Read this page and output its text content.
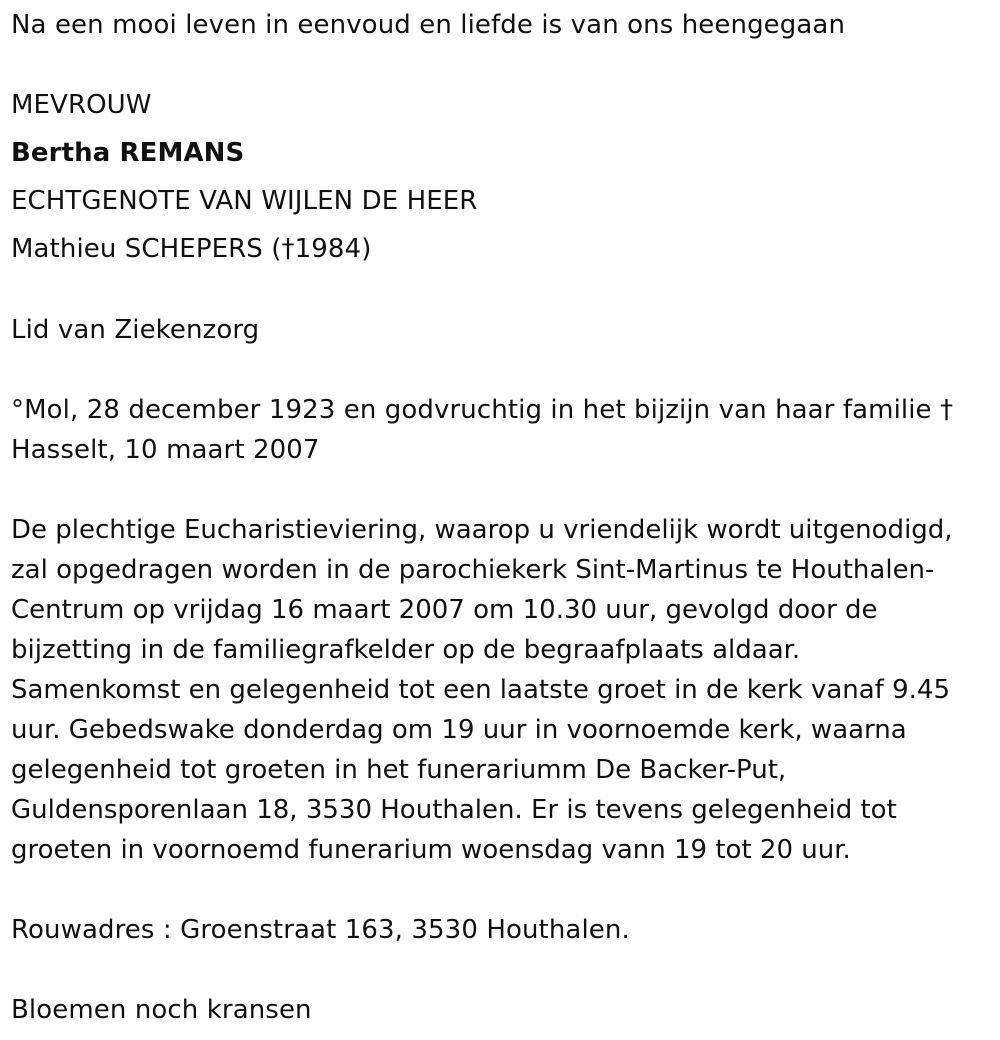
Na een mooi leven in eenvoud en liefde is van ons heengegaan
MEVROUW
Bertha REMANS
ECHTGENOTE VAN WIJLEN DE HEER
Mathieu SCHEPERS (†1984)
Lid van Ziekenzorg
°Mol, 28 december 1923 en godvruchtig in het bijzijn van haar familie †
Hasselt, 10 maart 2007
De plechtige Eucharistieviering, waarop u vriendelijk wordt uitgenodigd,
zal opgedragen worden in de parochiekerk Sint-Martinus te Houthalen-
Centrum op vrijdag 16 maart 2007 om 10.30 uur, gevolgd door de
bijzetting in de familiegrafkelder op de begraafplaats aldaar.
Samenkomst en gelegenheid tot een laatste groet in de kerk vanaf 9.45
uur. Gebedswake donderdag om 19 uur in voornoemde kerk, waarna
gelegenheid tot groeten in het funerariumm De Backer-Put,
Guldensporenlaan 18, 3530 Houthalen. Er is tevens gelegenheid tot
groeten in voornoemd funerarium woensdag vann 19 tot 20 uur.
Rouwadres : Groenstraat 163, 3530 Houthalen.
Bloemen noch kransen
